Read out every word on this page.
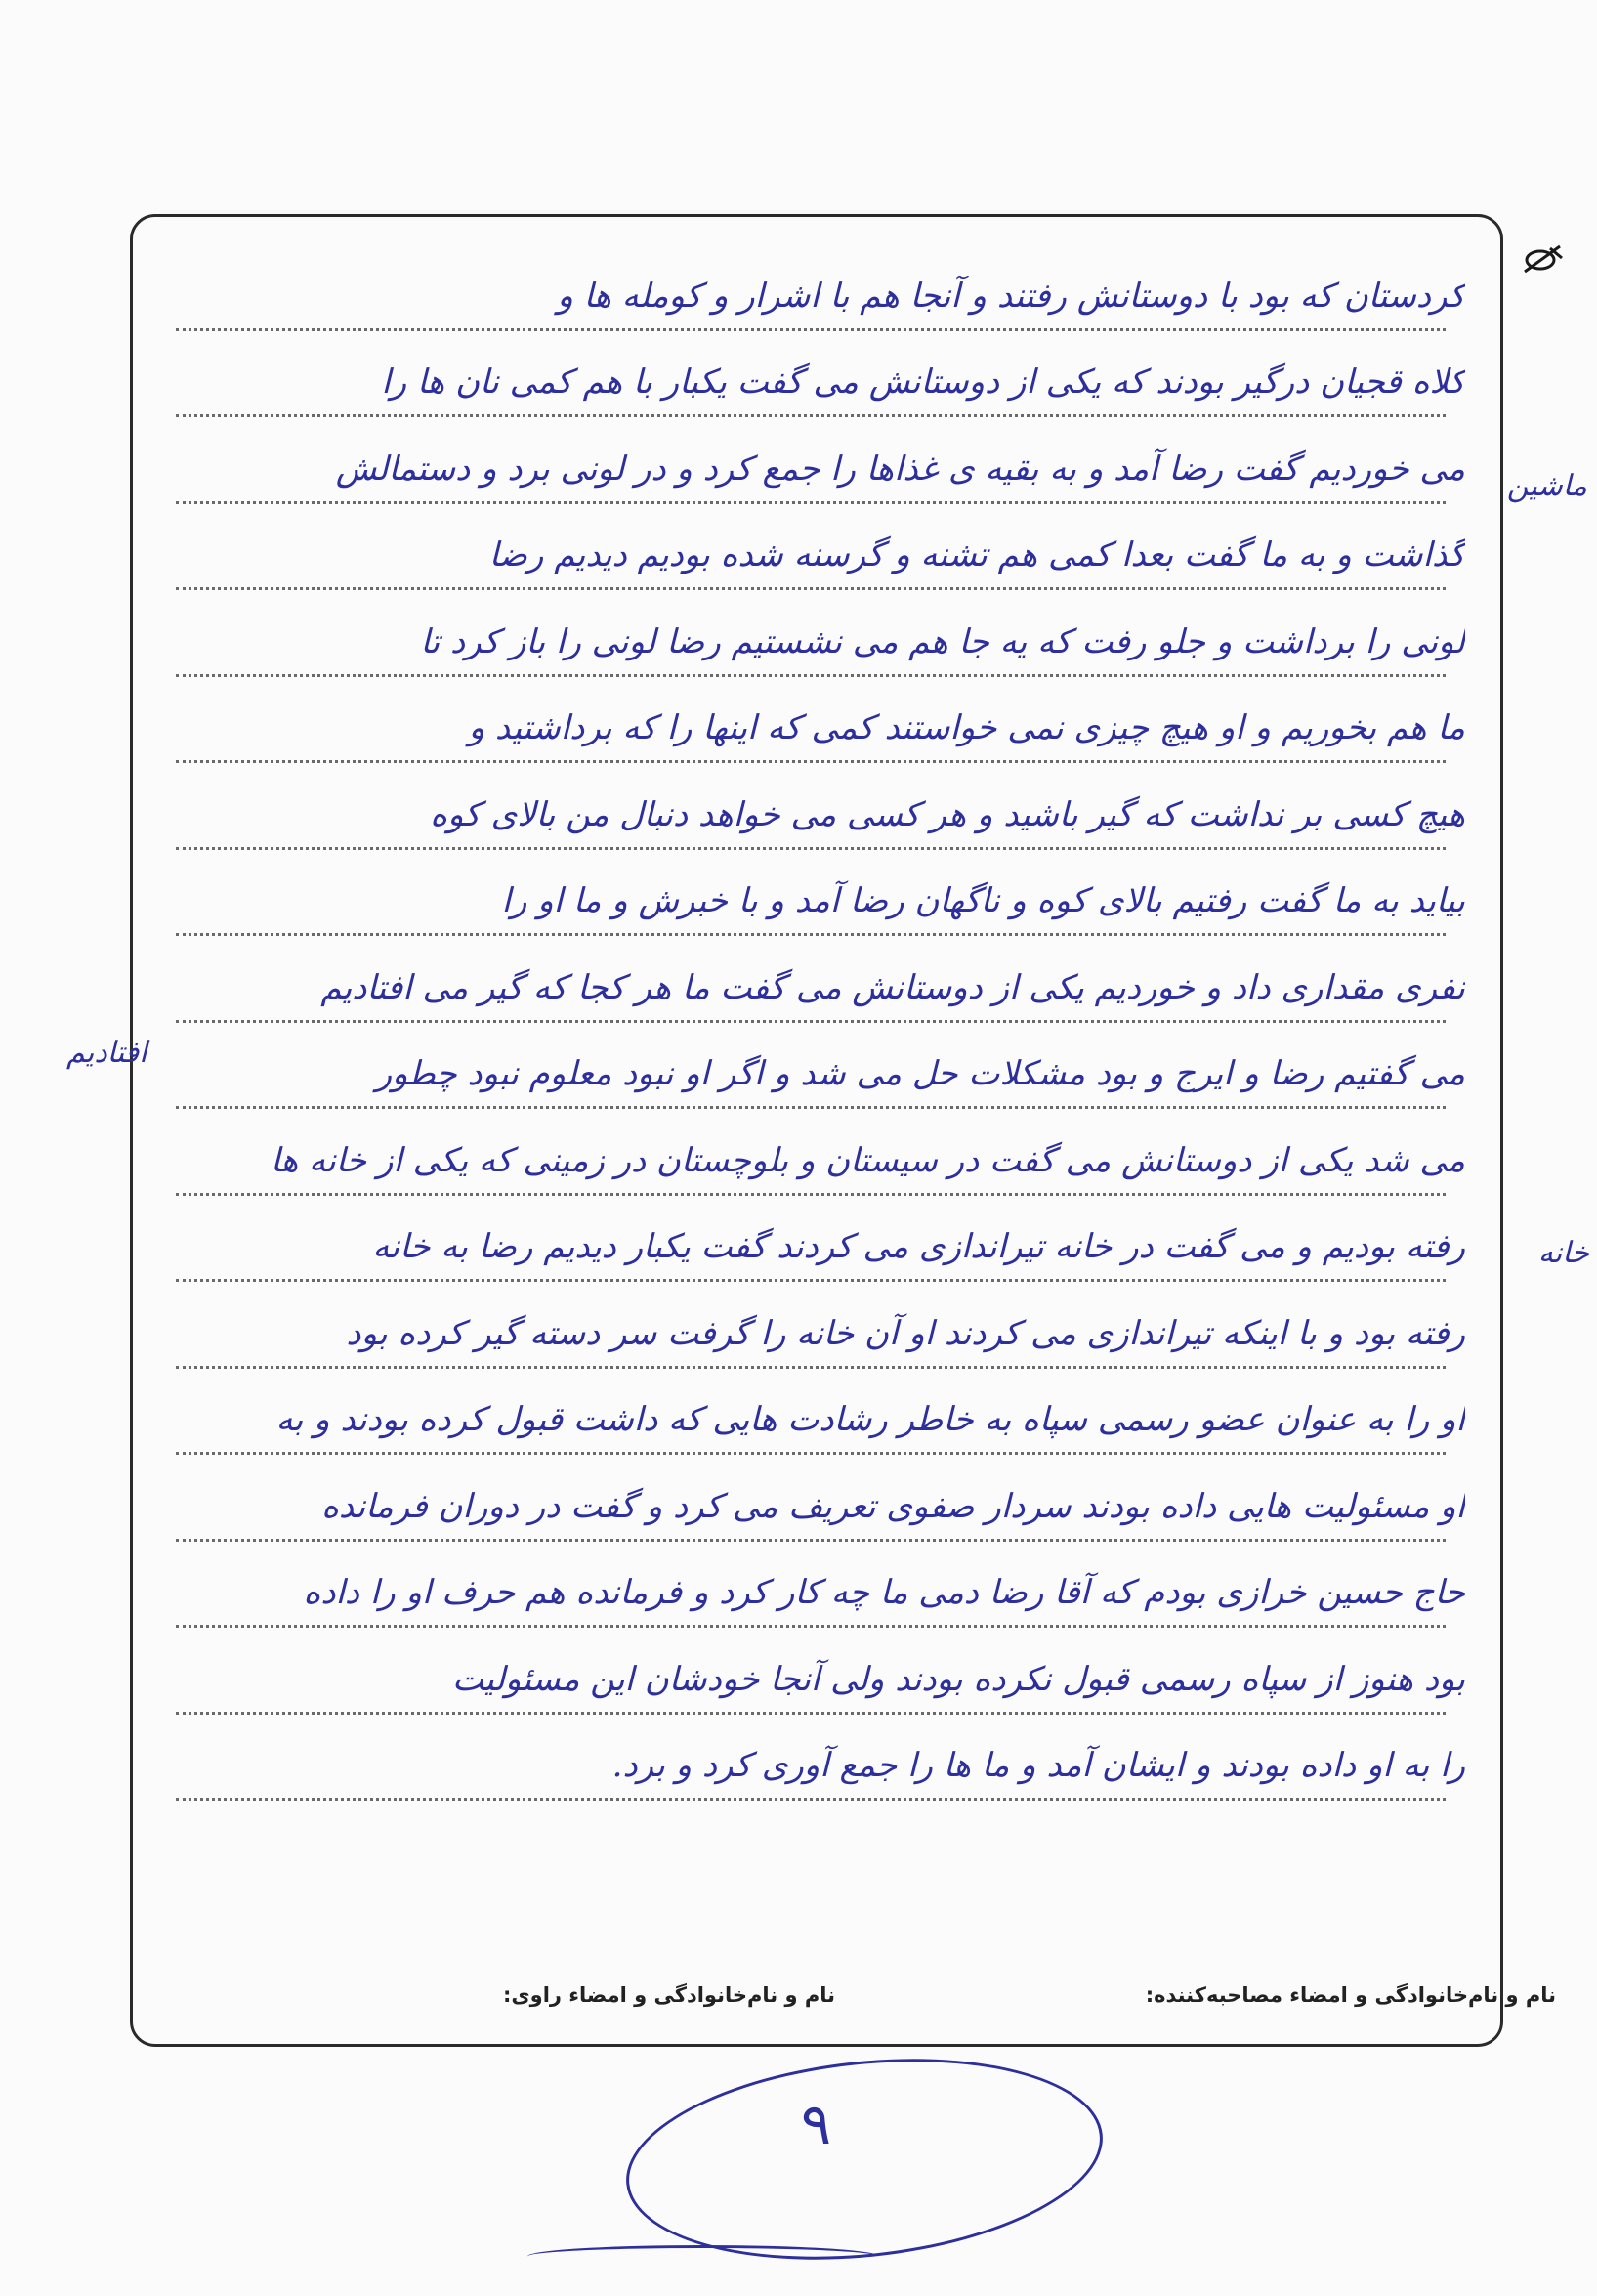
کردستان که بود با دوستانش رفتند و آنجا هم با اشرار و کومله ها و
کلاه قجیان درگیر بودند که یکی از دوستانش می گفت یکبار با هم کمی نان ها را
می خوردیم گفت رضا آمد و به بقیه ی غذاها را جمع کرد و در لونی برد و دستمالش
گذاشت و به ما گفت بعدا کمی هم تشنه و گرسنه شده بودیم دیدیم رضا
لونی را برداشت و جلو رفت که یه جا هم می نشستیم رضا لونی را باز کرد تا
ما هم بخوریم و او هیچ چیزی نمی خواستند کمی که اینها را که برداشتید و
هیچ کسی بر نداشت که گیر باشید و هر کسی می خواهد دنبال من بالای کوه
بیاید به ما گفت رفتیم بالای کوه و ناگهان رضا آمد و با خبرش و ما او را
نفری مقداری داد و خوردیم یکی از دوستانش می گفت ما هر کجا که گیر می افتادیم
می گفتیم رضا و ایرج و بود مشکلات حل می شد و اگر او نبود معلوم نبود چطور
می شد یکی از دوستانش می گفت در سیستان و بلوچستان در زمینی که یکی از خانه ها
رفته بودیم و می گفت در خانه تیراندازی می کردند گفت یکبار دیدیم رضا به خانه
رفته بود و با اینکه تیراندازی می کردند او آن خانه را گرفت سر دسته گیر کرده بود
او را به عنوان عضو رسمی سپاه به خاطر رشادت هایی که داشت قبول کرده بودند و به
او مسئولیت هایی داده بودند سردار صفوی تعریف می کرد و گفت در دوران فرمانده
حاج حسین خرازی بودم که آقا رضا دمی ما چه کار کرد و فرمانده هم حرف او را داده
بود هنوز از سپاه رسمی قبول نکرده بودند ولی آنجا خودشان این مسئولیت
را به او داده بودند و ایشان آمد و ما ها را جمع آوری کرد و برد.
ماشین
خانه
افتادیم
نام و نام‌خانوادگی و امضاء مصاحبه‌کننده:
نام و نام‌خانوادگی و امضاء راوی:
۹
